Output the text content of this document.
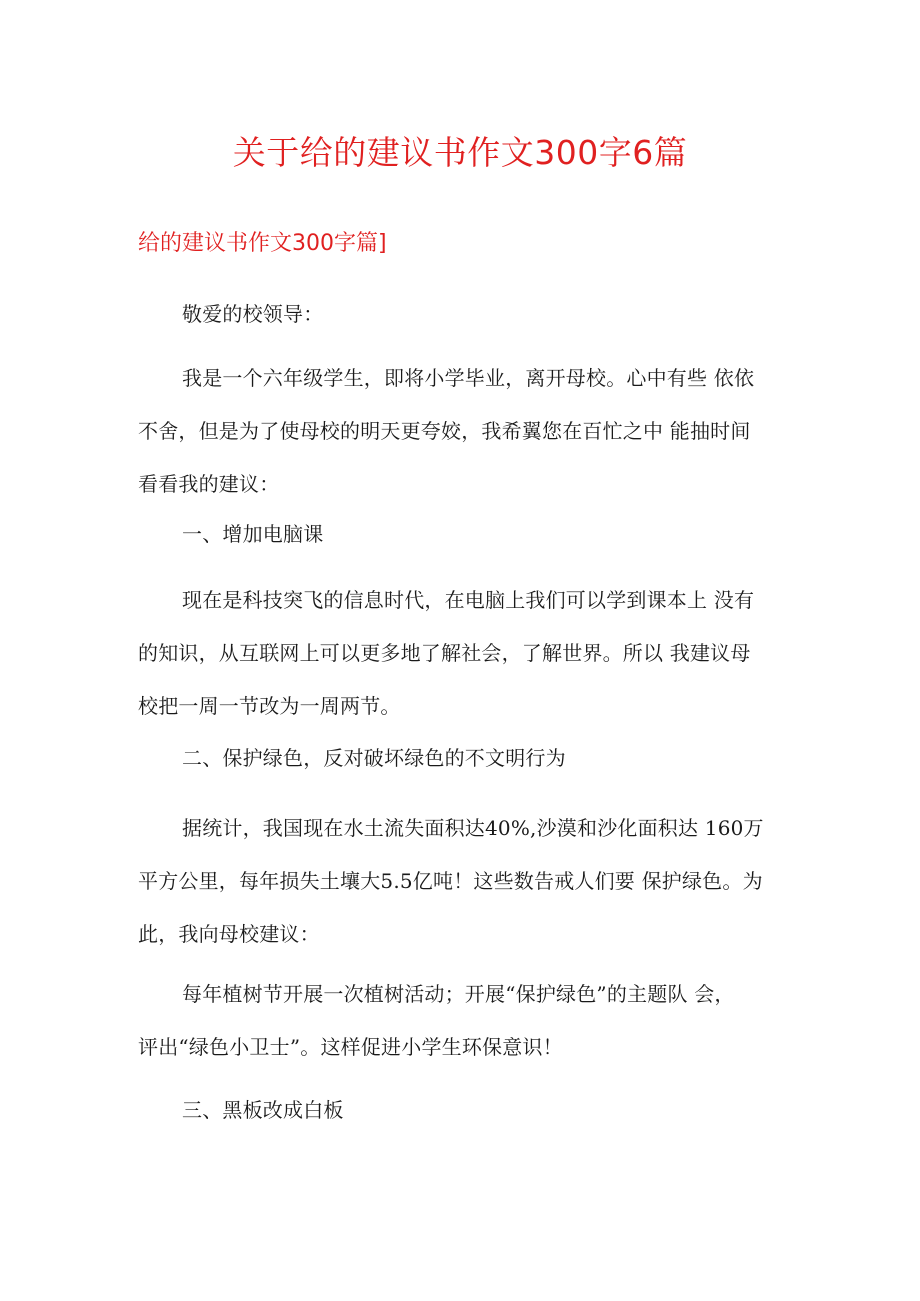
关于给的建议书作文300字6篇
给的建议书作文300字篇]

敬爱的校领导：

我是一个六年级学生，即将小学毕业，离开母校。心中有些 依依
不舍，但是为了使母校的明天更夸姣，我希翼您在百忙之中 能抽时间
看看我的建议：

一、增加电脑课

现在是科技突飞的信息时代，在电脑上我们可以学到课本上 没有
的知识，从互联网上可以更多地了解社会，了解世界。所以 我建议母
校把一周一节改为一周两节。

二、保护绿色，反对破坏绿色的不文明行为

据统计，我国现在水土流失面积达40%,沙漠和沙化面积达 160万
平方公里，每年损失土壤大5.5亿吨！这些数告戒人们要 保护绿色。为
此，我向母校建议：

每年植树节开展一次植树活动；开展“保护绿色”的主题队 会，
评出“绿色小卫士”。这样促进小学生环保意识！

三、黑板改成白板
